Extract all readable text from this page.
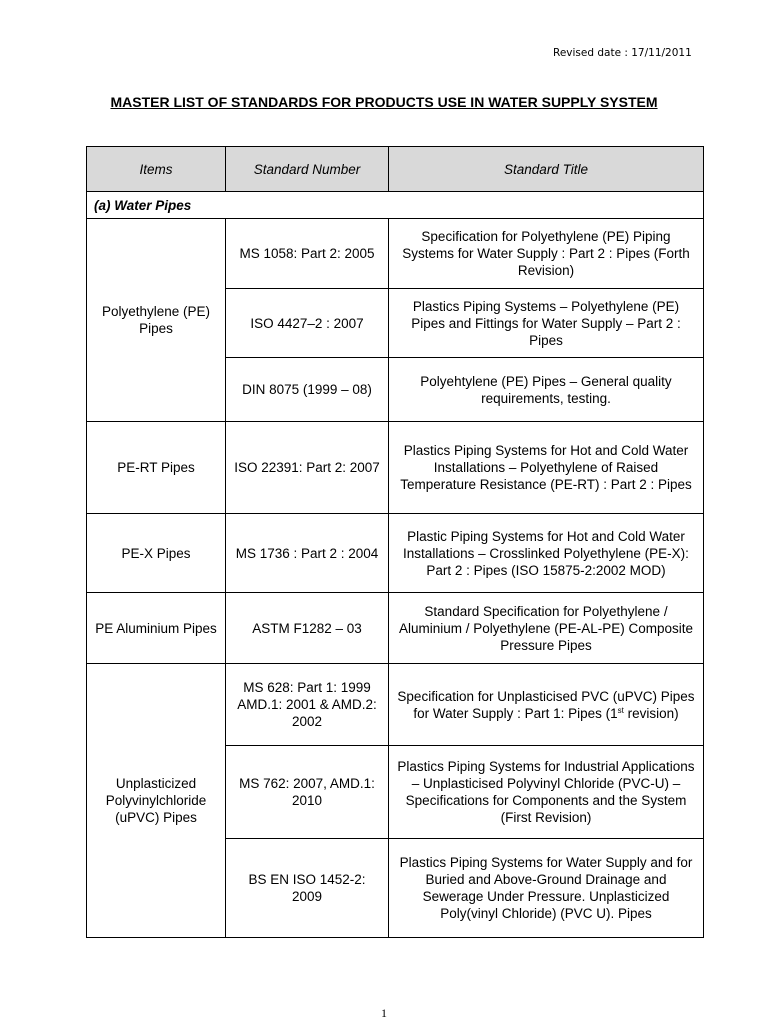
Revised date : 17/11/2011
MASTER LIST OF STANDARDS FOR PRODUCTS USE IN WATER SUPPLY SYSTEM
Items	Standard Number	Standard Title
(a) Water Pipes		
Polyethylene (PE) Pipes	MS 1058: Part 2: 2005	Specification for Polyethylene (PE) Piping Systems for Water Supply : Part 2 : Pipes (Forth Revision)
	ISO 4427–2 : 2007	Plastics Piping Systems – Polyethylene (PE) Pipes and Fittings for Water Supply – Part 2 : Pipes
	DIN 8075 (1999 – 08)	Polyehtylene (PE) Pipes – General quality requirements, testing.
PE-RT Pipes	ISO 22391: Part 2: 2007	Plastics Piping Systems for Hot and Cold Water Installations – Polyethylene of Raised Temperature Resistance (PE-RT) : Part 2 : Pipes
PE-X Pipes	MS 1736 : Part 2 : 2004	Plastic Piping Systems for Hot and Cold Water Installations – Crosslinked Polyethylene (PE-X): Part 2 : Pipes (ISO 15875-2:2002 MOD)
PE Aluminium Pipes	ASTM F1282 – 03	Standard Specification for Polyethylene / Aluminium / Polyethylene (PE-AL-PE) Composite Pressure Pipes
Unplasticized Polyvinylchloride (uPVC) Pipes	MS 628: Part 1: 1999 AMD.1: 2001 & AMD.2: 2002	Specification for Unplasticised PVC (uPVC) Pipes for Water Supply : Part 1: Pipes (1st revision)
	MS 762: 2007, AMD.1: 2010	Plastics Piping Systems for Industrial Applications – Unplasticised Polyvinyl Chloride (PVC-U) – Specifications for Components and the System (First Revision)
	BS EN ISO 1452-2: 2009	Plastics Piping Systems for Water Supply and for Buried and Above-Ground Drainage and Sewerage Under Pressure. Unplasticized Poly(vinyl Chloride) (PVC U). Pipes
1
